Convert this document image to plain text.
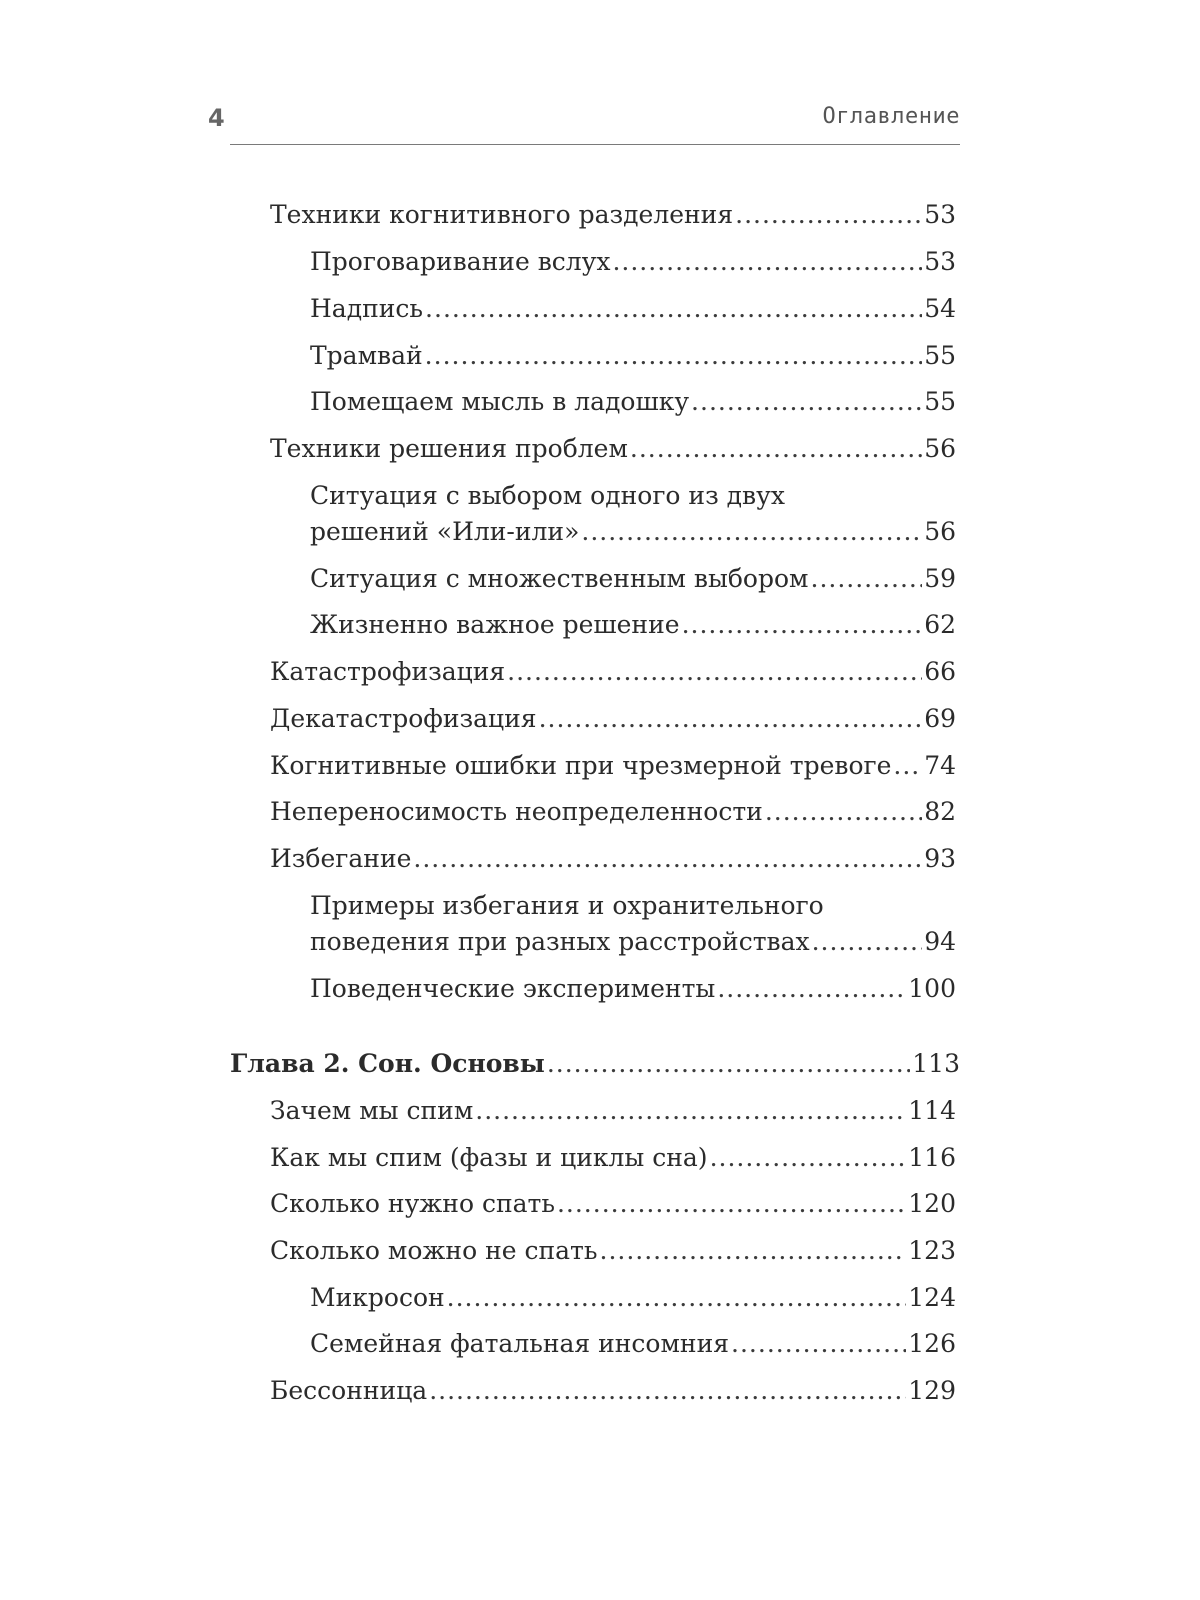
4	Оглавление
Техники когнитивного разделения .....	53
Проговаривание вслух .....	53
Надпись .....	54
Трамвай .....	55
Помещаем мысль в ладошку .....	55
Техники решения проблем .....	56
Ситуация с выбором одного из двух
решений «Или-или» .....	56
Ситуация с множественным выбором .....	59
Жизненно важное решение .....	62
Катастрофизация .....	66
Декатастрофизация .....	69
Когнитивные ошибки при чрезмерной тревоге ..... 74
Непереносимость неопределенности .....	82
Избегание .....	93
Примеры избегания и охранительного
поведения при разных расстройствах .....	94
Поведенческие эксперименты .....	100
Глава 2. Сон. Основы .....	113
Зачем мы спим .....	114
Как мы спим (фазы и циклы сна) .....	116
Сколько нужно спать .....	120
Сколько можно не спать .....	123
Микросон .....	124
Семейная фатальная инсомния .....	126
Бессонница .....	129
